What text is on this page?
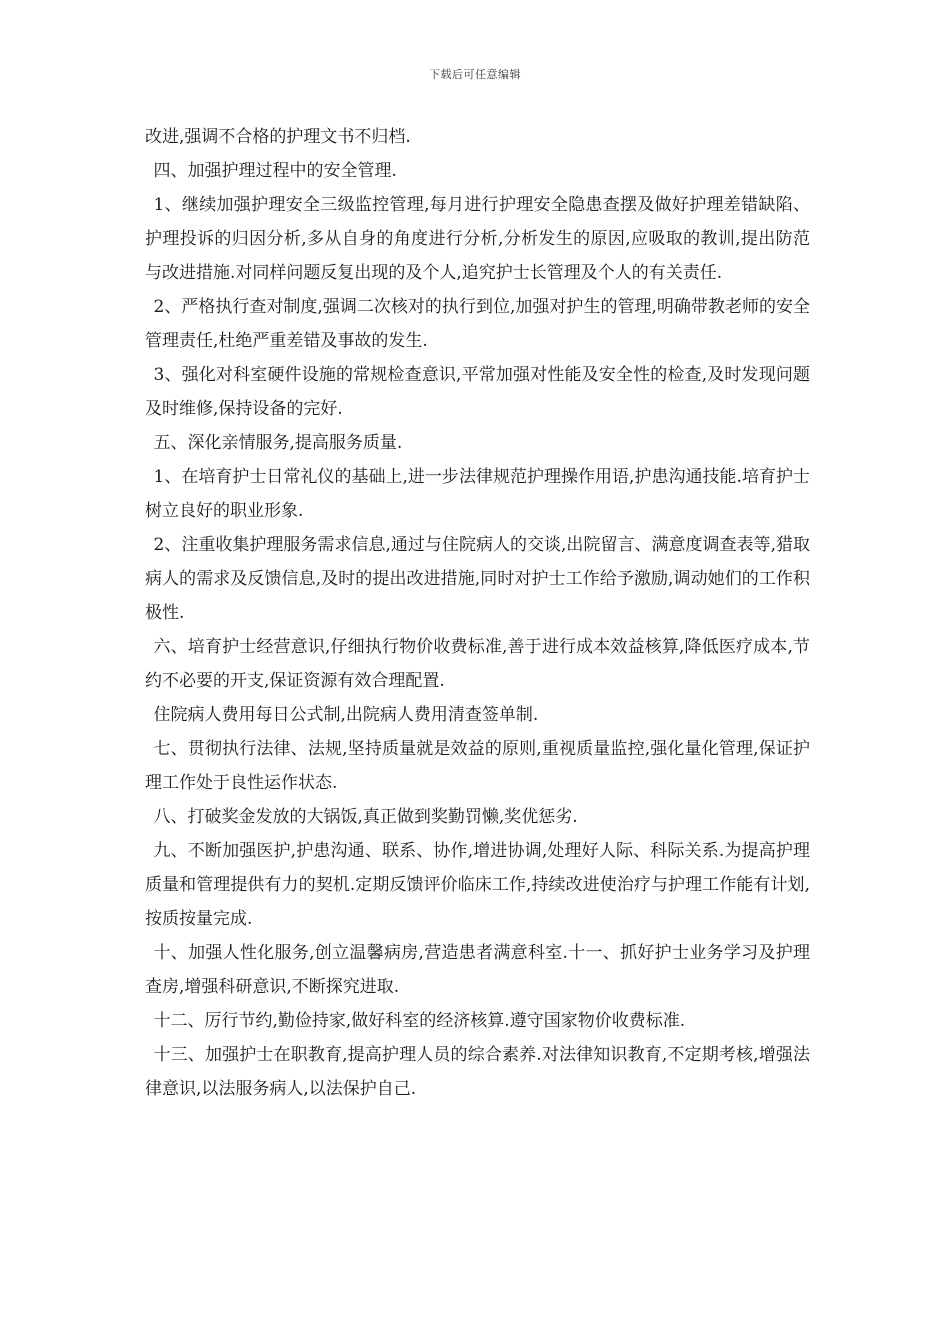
下载后可任意编辑

改进,强调不合格的护理文书不归档.

四、加强护理过程中的安全管理.

1、继续加强护理安全三级监控管理,每月进行护理安全隐患查摆及做好护理差错缺陷、护理投诉的归因分析,多从自身的角度进行分析,分析发生的原因,应吸取的教训,提出防范与改进措施.对同样问题反复出现的及个人,追究护士长管理及个人的有关责任.

2、严格执行查对制度,强调二次核对的执行到位,加强对护生的管理,明确带教老师的安全管理责任,杜绝严重差错及事故的发生.

3、强化对科室硬件设施的常规检查意识,平常加强对性能及安全性的检查,及时发现问题及时维修,保持设备的完好.

五、深化亲情服务,提高服务质量.

1、在培育护士日常礼仪的基础上,进一步法律规范护理操作用语,护患沟通技能.培育护士树立良好的职业形象.

2、注重收集护理服务需求信息,通过与住院病人的交谈,出院留言、满意度调查表等,猎取病人的需求及反馈信息,及时的提出改进措施,同时对护士工作给予激励,调动她们的工作积极性.

六、培育护士经营意识,仔细执行物价收费标准,善于进行成本效益核算,降低医疗成本,节约不必要的开支,保证资源有效合理配置.

住院病人费用每日公式制,出院病人费用清查签单制.

七、贯彻执行法律、法规,坚持质量就是效益的原则,重视质量监控,强化量化管理,保证护理工作处于良性运作状态.

八、打破奖金发放的大锅饭,真正做到奖勤罚懒,奖优惩劣.

九、不断加强医护,护患沟通、联系、协作,增进协调,处理好人际、科际关系.为提高护理质量和管理提供有力的契机.定期反馈评价临床工作,持续改进使治疗与护理工作能有计划,按质按量完成.

十、加强人性化服务,创立温馨病房,营造患者满意科室.十一、抓好护士业务学习及护理查房,增强科研意识,不断探究进取.

十二、厉行节约,勤俭持家,做好科室的经济核算.遵守国家物价收费标准.

十三、加强护士在职教育,提高护理人员的综合素养.对法律知识教育,不定期考核,增强法律意识,以法服务病人,以法保护自己.
